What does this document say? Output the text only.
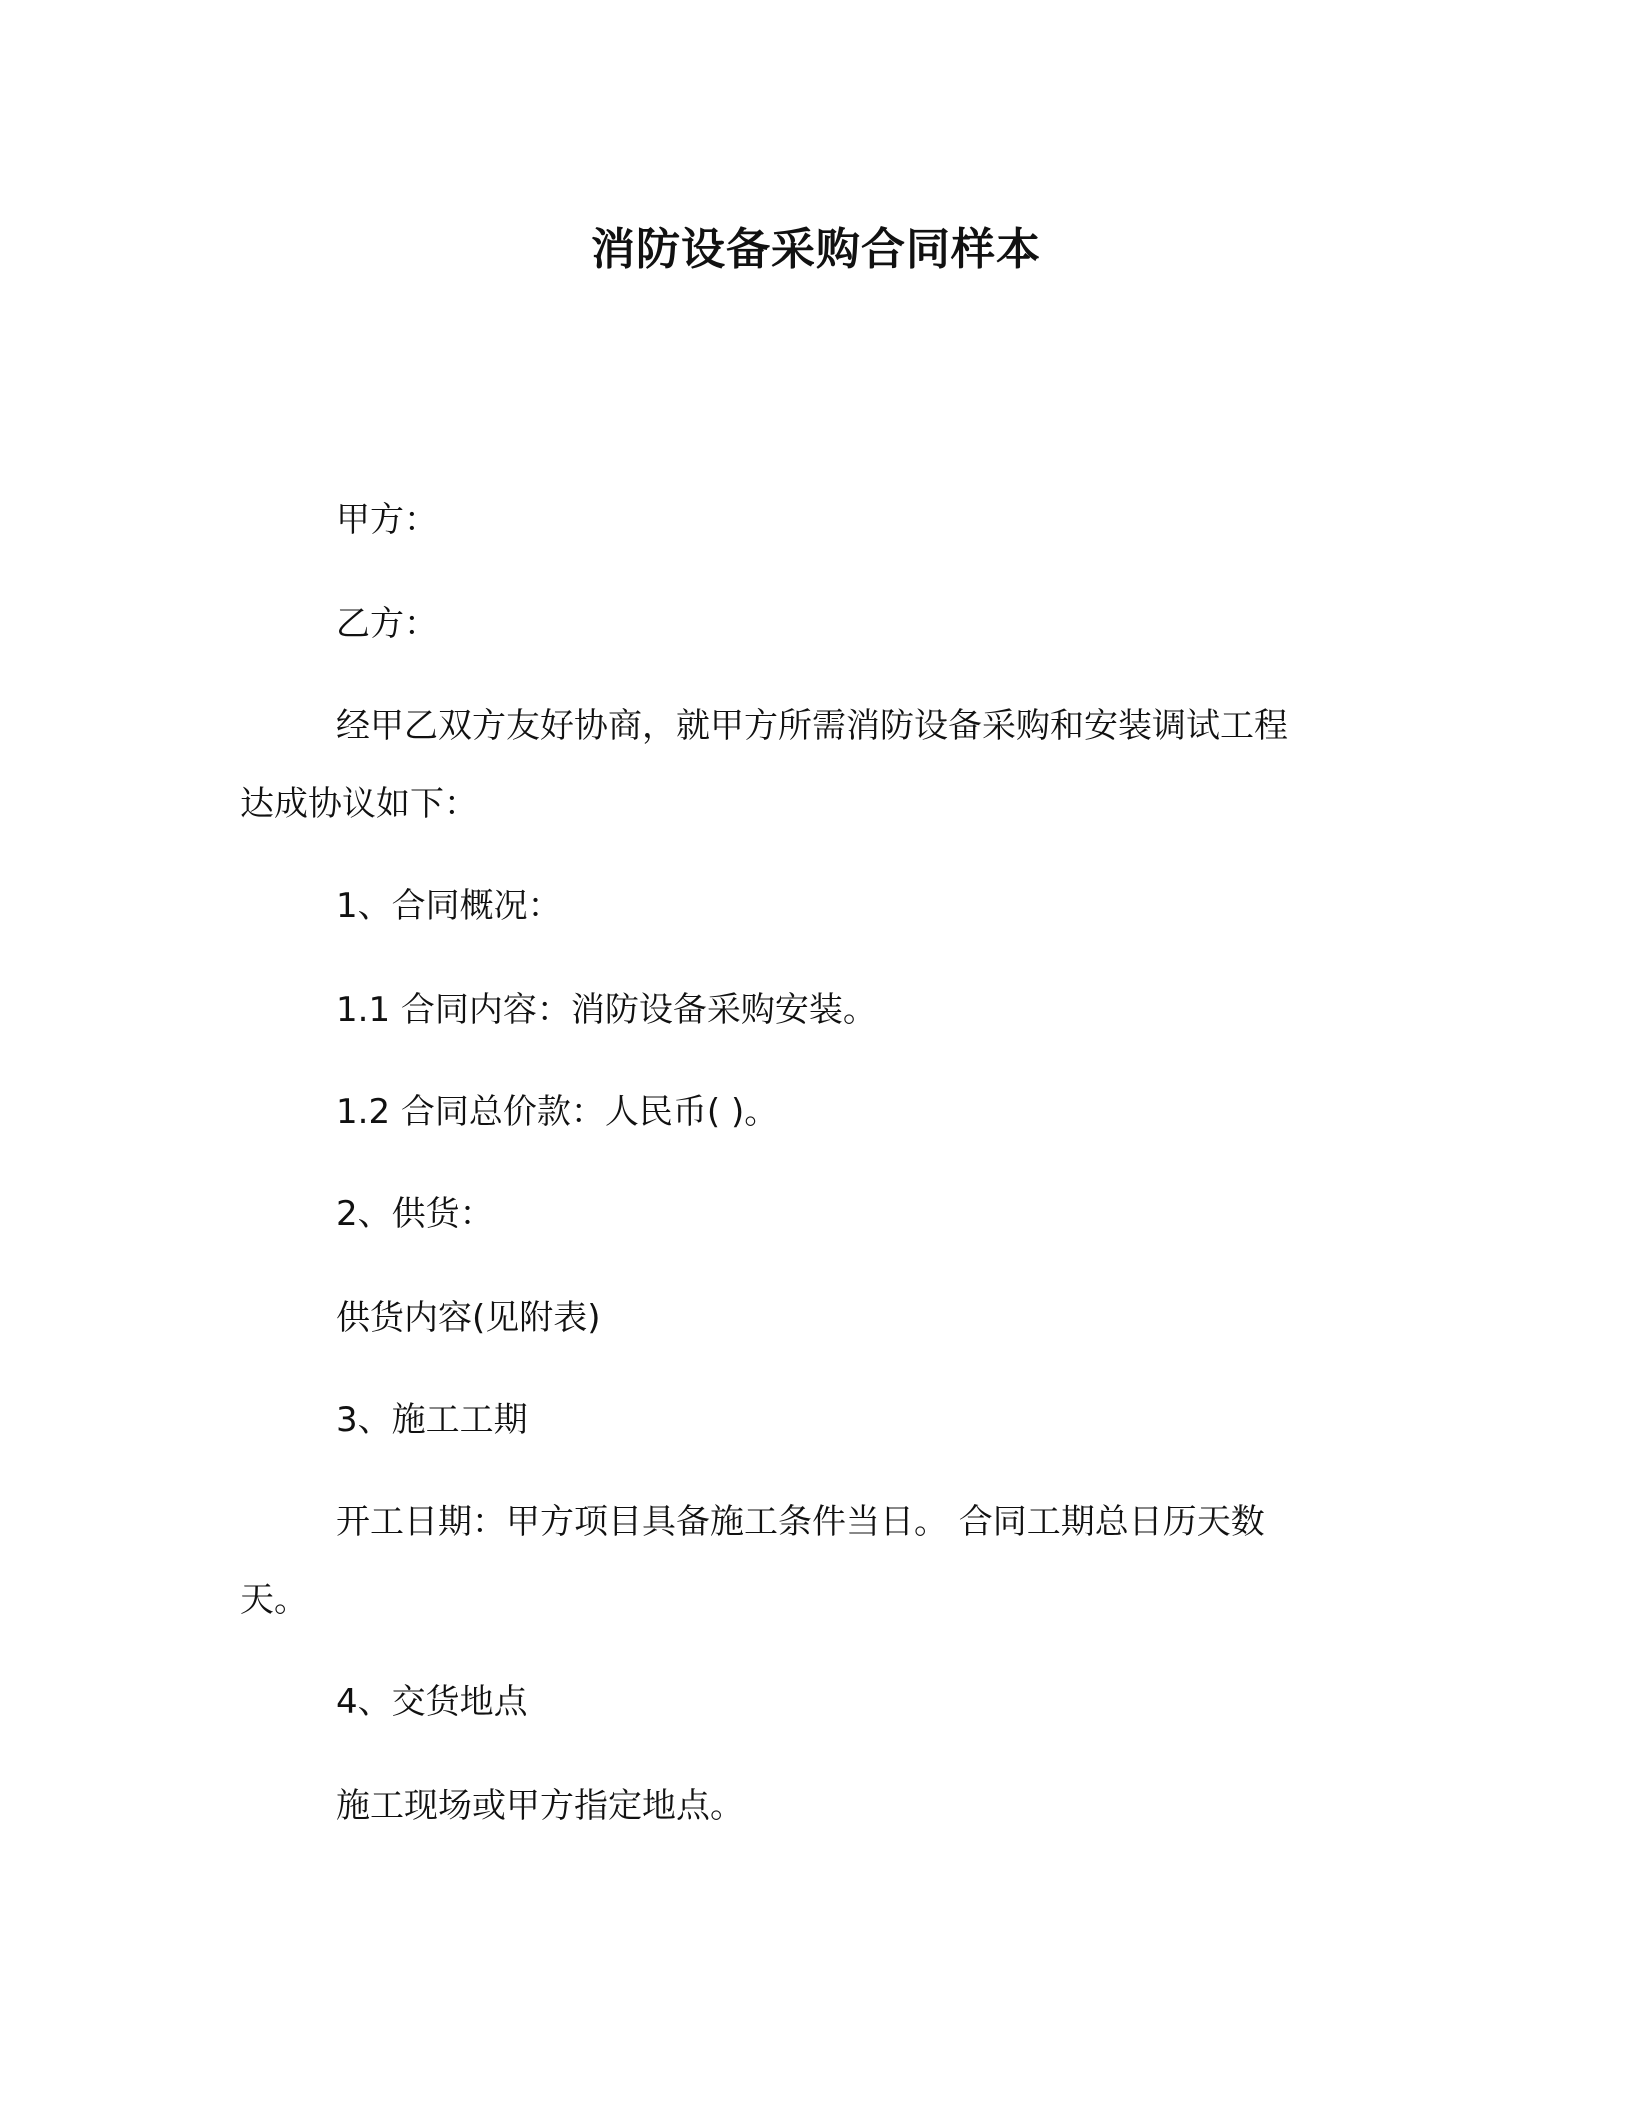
消防设备采购合同样本
甲方：
乙方：
经甲乙双方友好协商，就甲方所需消防设备采购和安装调试工程
达成协议如下：
1、合同概况：
1.1 合同内容：消防设备采购安装。
1.2 合同总价款：人民币( )。
2、供货：
供货内容(见附表)
3、施工工期
开工日期：甲方项目具备施工条件当日。 合同工期总日历天数
天。
4、交货地点
施工现场或甲方指定地点。
